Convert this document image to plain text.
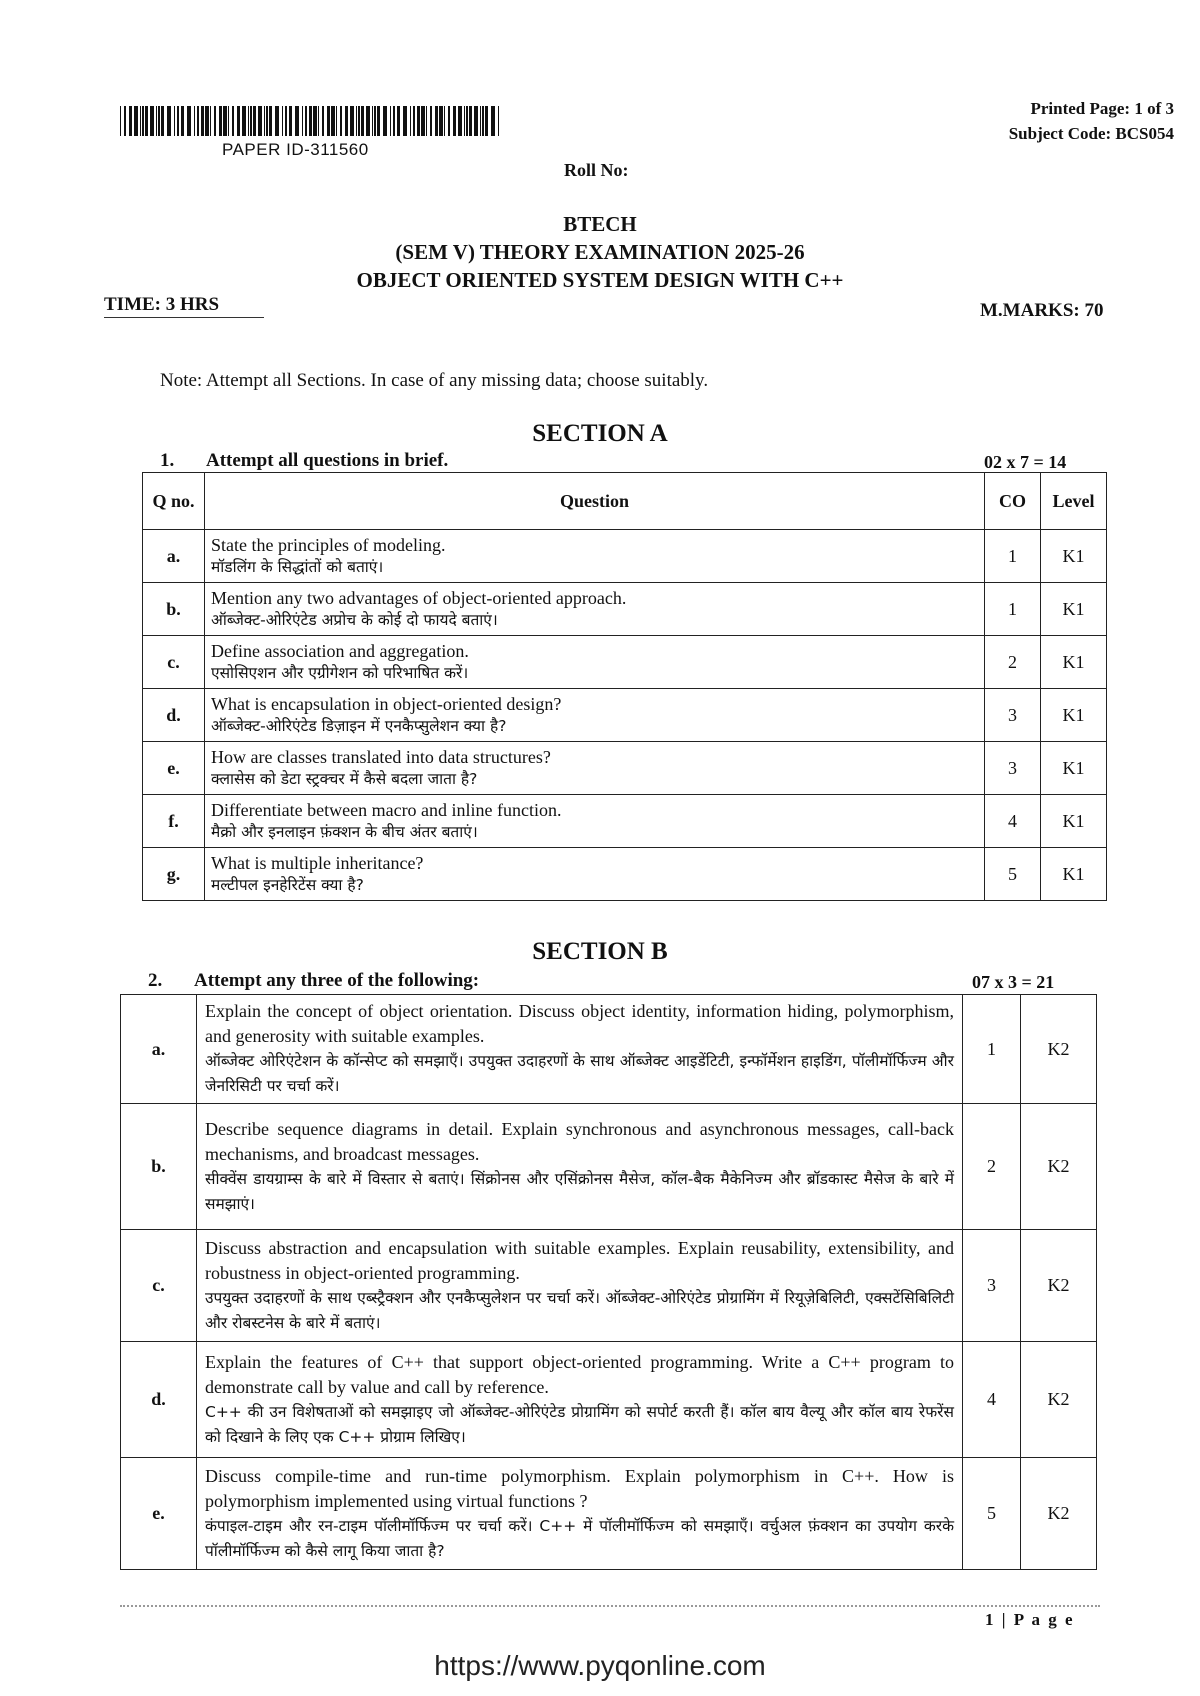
PAPER ID-311560
Printed Page: 1 of 3
Subject Code: BCS054
Roll No:
BTECH
(SEM V) THEORY EXAMINATION 2025-26
OBJECT ORIENTED SYSTEM DESIGN WITH C++
TIME: 3 HRS	M.MARKS: 70
Note: Attempt all Sections. In case of any missing data; choose suitably.
SECTION A
1. Attempt all questions in brief.	02 x 7 = 14
Q no.	Question	CO	Level
a.	State the principles of modeling.
मॉडलिंग के सिद्धांतों को बताएं।	1	K1
b.	Mention any two advantages of object-oriented approach.
ऑब्जेक्ट-ओरिएंटेड अप्रोच के कोई दो फायदे बताएं।	1	K1
c.	Define association and aggregation.
एसोसिएशन और एग्रीगेशन को परिभाषित करें।	2	K1
d.	What is encapsulation in object-oriented design?
ऑब्जेक्ट-ओरिएंटेड डिज़ाइन में एनकैप्सुलेशन क्या है?	3	K1
e.	How are classes translated into data structures?
क्लासेस को डेटा स्ट्रक्चर में कैसे बदला जाता है?	3	K1
f.	Differentiate between macro and inline function.
मैक्रो और इनलाइन फ़ंक्शन के बीच अंतर बताएं।	4	K1
g.	What is multiple inheritance?
मल्टीपल इनहेरिटेंस क्या है?	5	K1

SECTION B
2. Attempt any three of the following:	07 x 3 = 21
a.	Explain the concept of object orientation. Discuss object identity, information hiding, polymorphism, and generosity with suitable examples.
ऑब्जेक्ट ओरिएंटेशन के कॉन्सेप्ट को समझाएँ। उपयुक्त उदाहरणों के साथ ऑब्जेक्ट आइडेंटिटी, इन्फॉर्मेशन हाइडिंग, पॉलीमॉर्फिज्म और जेनरिसिटी पर चर्चा करें।	1	K2
b.	Describe sequence diagrams in detail. Explain synchronous and asynchronous messages, call-back mechanisms, and broadcast messages.
सीक्वेंस डायग्राम्स के बारे में विस्तार से बताएं। सिंक्रोनस और एसिंक्रोनस मैसेज, कॉल-बैक मैकेनिज्म और ब्रॉडकास्ट मैसेज के बारे में समझाएं।	2	K2
c.	Discuss abstraction and encapsulation with suitable examples. Explain reusability, extensibility, and robustness in object-oriented programming.
उपयुक्त उदाहरणों के साथ एब्स्ट्रैक्शन और एनकैप्सुलेशन पर चर्चा करें। ऑब्जेक्ट-ओरिएंटेड प्रोग्रामिंग में रियूज़ेबिलिटी, एक्सटेंसिबिलिटी और रोबस्टनेस के बारे में बताएं।	3	K2
d.	Explain the features of C++ that support object-oriented programming. Write a C++ program to demonstrate call by value and call by reference.
C++ की उन विशेषताओं को समझाइए जो ऑब्जेक्ट-ओरिएंटेड प्रोग्रामिंग को सपोर्ट करती हैं। कॉल बाय वैल्यू और कॉल बाय रेफरेंस को दिखाने के लिए एक C++ प्रोग्राम लिखिए।	4	K2
e.	Discuss compile-time and run-time polymorphism. Explain polymorphism in C++. How is polymorphism implemented using virtual functions ?
कंपाइल-टाइम और रन-टाइम पॉलीमॉर्फिज्म पर चर्चा करें। C++ में पॉलीमॉर्फिज्म को समझाएँ। वर्चुअल फ़ंक्शन का उपयोग करके पॉलीमॉर्फिज्म को कैसे लागू किया जाता है?	5	K2
1 | P a g e
https://www.pyqonline.com
